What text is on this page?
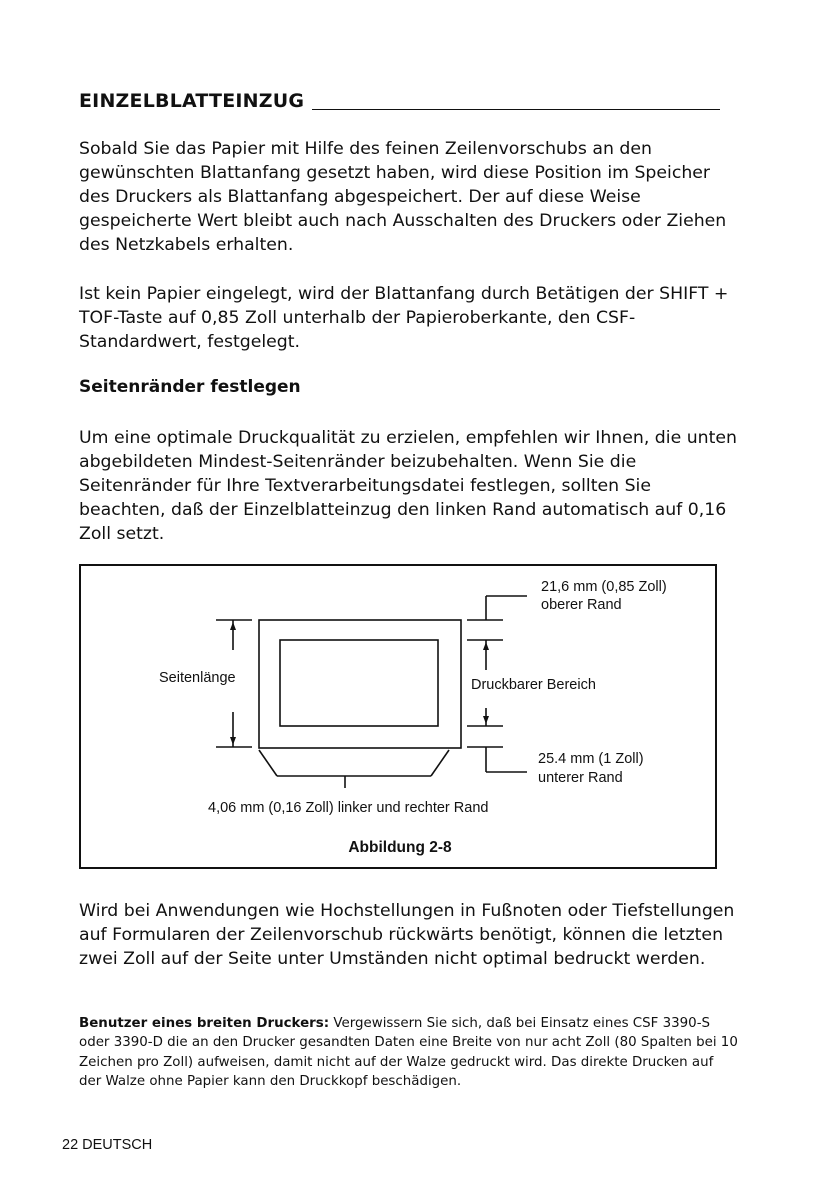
EINZELBLATTEINZUG

Sobald Sie das Papier mit Hilfe des feinen Zeilenvorschubs an den gewünschten Blattanfang gesetzt haben, wird diese Position im Speicher des Druckers als Blattanfang abgespeichert. Der auf diese Weise gespeicherte Wert bleibt auch nach Ausschalten des Druckers oder Ziehen des Netzkabels erhalten.

Ist kein Papier eingelegt, wird der Blattanfang durch Betätigen der SHIFT + TOF-Taste auf 0,85 Zoll unterhalb der Papieroberkante, den CSF-Standardwert, festgelegt.

Seitenränder festlegen

Um eine optimale Druckqualität zu erzielen, empfehlen wir Ihnen, die unten abgebildeten Mindest-Seitenränder beizubehalten. Wenn Sie die Seitenränder für Ihre Textverarbeitungsdatei festlegen, sollten Sie beachten, daß der Einzelblatteinzug den linken Rand automatisch auf 0,16 Zoll setzt.

21,6 mm (0,85 Zoll)
oberer Rand
Seitenlänge	Druckbarer Bereich
25.4 mm (1 Zoll)
unterer Rand
4,06 mm (0,16 Zoll) linker und rechter Rand
Abbildung 2-8

Wird bei Anwendungen wie Hochstellungen in Fußnoten oder Tiefstellungen auf Formularen der Zeilenvorschub rückwärts benötigt, können die letzten zwei Zoll auf der Seite unter Umständen nicht optimal bedruckt werden.

Benutzer eines breiten Druckers: Vergewissern Sie sich, daß bei Einsatz eines CSF 3390-S oder 3390-D die an den Drucker gesandten Daten eine Breite von nur acht Zoll (80 Spalten bei 10 Zeichen pro Zoll) aufweisen, damit nicht auf der Walze gedruckt wird. Das direkte Drucken auf der Walze ohne Papier kann den Druckkopf beschädigen.

22 DEUTSCH
